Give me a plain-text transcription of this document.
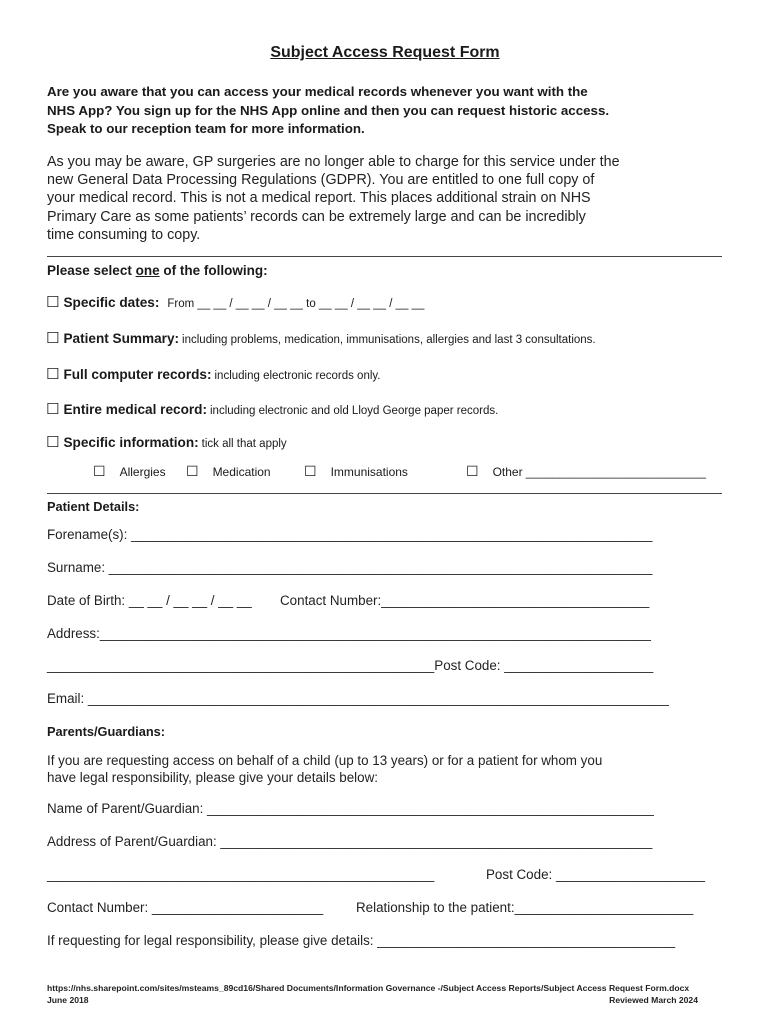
Subject Access Request Form
Are you aware that you can access your medical records whenever you want with the
NHS App? You sign up for the NHS App online and then you can request historic access.
Speak to our reception team for more information.
As you may be aware, GP surgeries are no longer able to charge for this service under the
new General Data Processing Regulations (GDPR). You are entitled to one full copy of
your medical record. This is not a medical report. This places additional strain on NHS
Primary Care as some patients’ records can be extremely large and can be incredibly
time consuming to copy.
Please select one of the following:
☐ Specific dates: From __ __ / __ __ / __ __ to __ __ / __ __ / __ __
☐ Patient Summary: including problems, medication, immunisations, allergies and last 3 consultations.
☐ Full computer records: including electronic records only.
☐ Entire medical record: including electronic and old Lloyd George paper records.
☐ Specific information: tick all that apply
☐ Allergies ☐ Medication ☐ Immunisations	☐ Other ___________________________
Patient Details:
Forename(s): ______________________________________________________________________
Surname: _________________________________________________________________________
Date of Birth: __ __ / __ __ / __ __ Contact Number:____________________________________
Address:__________________________________________________________________________
____________________________________________________Post Code: ____________________
Email: ______________________________________________________________________________
Parents/Guardians:
If you are requesting access on behalf of a child (up to 13 years) or for a patient for whom you
have legal responsibility, please give your details below:
Name of Parent/Guardian: ____________________________________________________________
Address of Parent/Guardian: __________________________________________________________
____________________________________________________	Post Code: ____________________
Contact Number: _______________________ Relationship to the patient:________________________
If requesting for legal responsibility, please give details: ________________________________________
https://nhs.sharepoint.com/sites/msteams_89cd16/Shared Documents/Information Governance -/Subject Access Reports/Subject Access Request Form.docx
June 2018	Reviewed March 2024
